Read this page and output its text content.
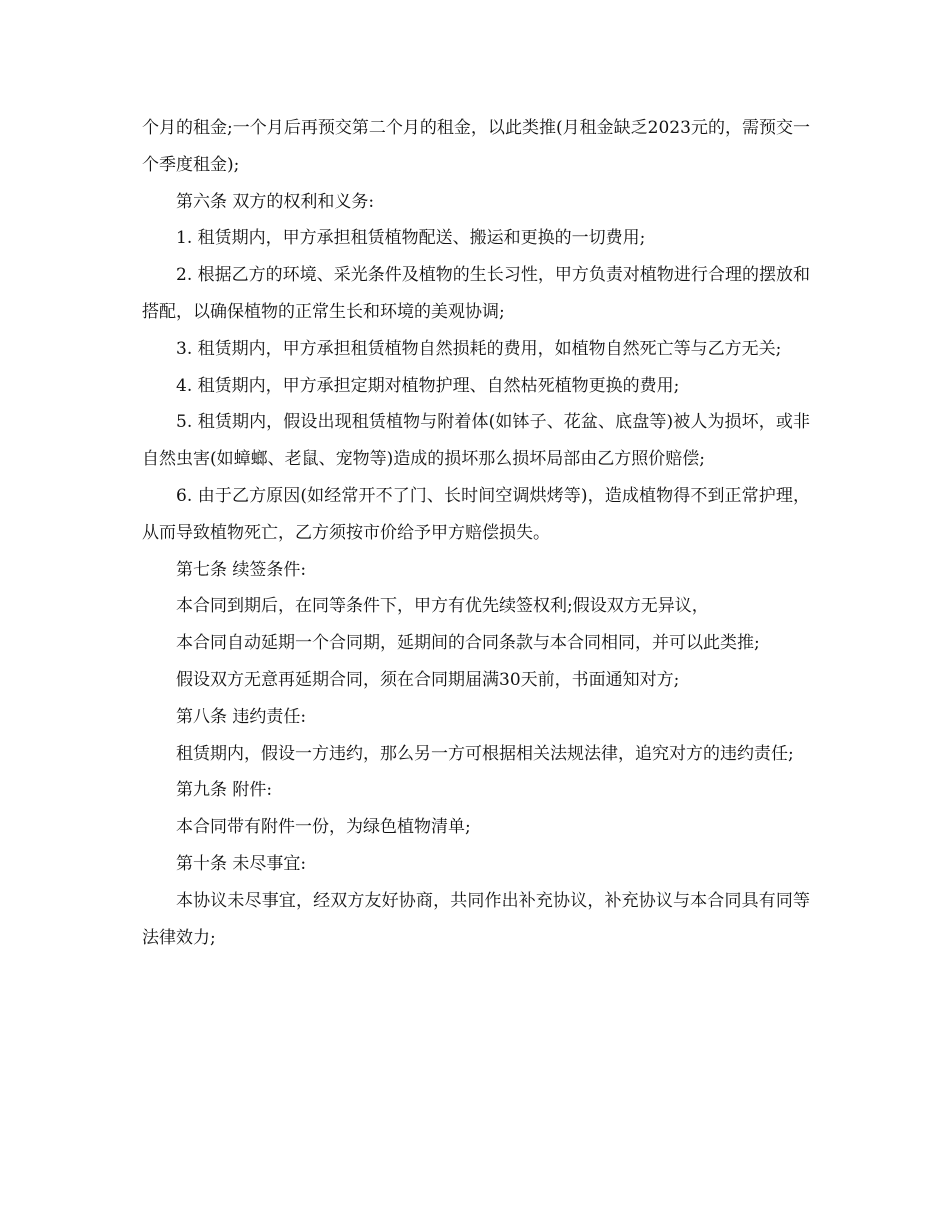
个月的租金;一个月后再预交第二个月的租金，以此类推(月租金缺乏2023元的，需预交一个季度租金);

第六条 双方的权利和义务:

1. 租赁期内，甲方承担租赁植物配送、搬运和更换的一切费用;

2. 根据乙方的环境、采光条件及植物的生长习性，甲方负责对植物进行合理的摆放和搭配，以确保植物的正常生长和环境的美观协调;

3. 租赁期内，甲方承担租赁植物自然损耗的费用，如植物自然死亡等与乙方无关;

4. 租赁期内，甲方承担定期对植物护理、自然枯死植物更换的费用;

5. 租赁期内，假设出现租赁植物与附着体(如钵子、花盆、底盘等)被人为损坏，或非自然虫害(如蟑螂、老鼠、宠物等)造成的损坏那么损坏局部由乙方照价赔偿;

6. 由于乙方原因(如经常开不了门、长时间空调烘烤等)，造成植物得不到正常护理，从而导致植物死亡，乙方须按市价给予甲方赔偿损失。

第七条 续签条件:

本合同到期后，在同等条件下，甲方有优先续签权利;假设双方无异议，

本合同自动延期一个合同期，延期间的合同条款与本合同相同，并可以此类推;

假设双方无意再延期合同，须在合同期届满30天前，书面通知对方;

第八条 违约责任:

租赁期内，假设一方违约，那么另一方可根据相关法规法律，追究对方的违约责任;

第九条 附件:

本合同带有附件一份，为绿色植物清单;

第十条 未尽事宜:

本协议未尽事宜，经双方友好协商，共同作出补充协议，补充协议与本合同具有同等法律效力;
